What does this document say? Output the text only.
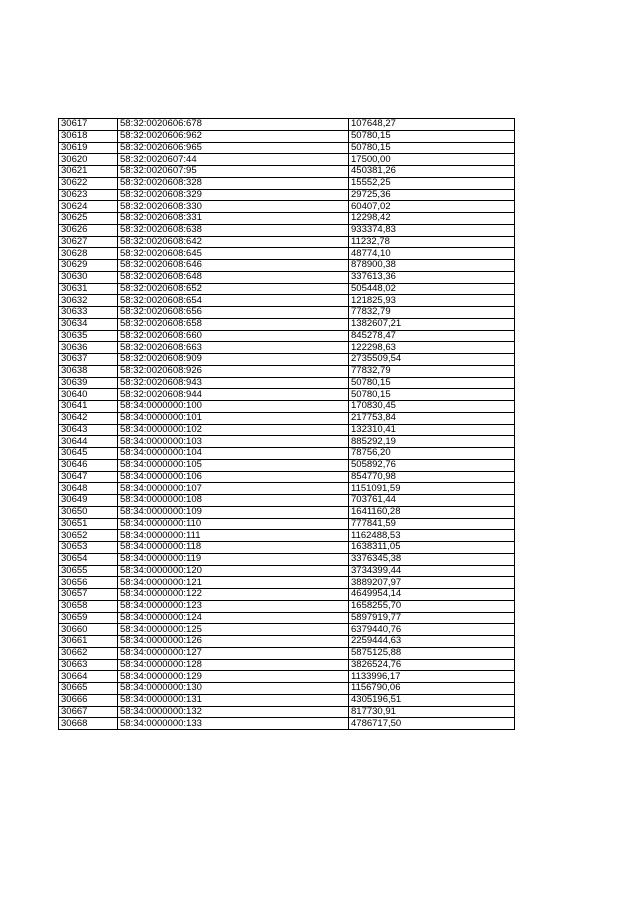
30617	58:32:0020606:678	107648,27
30618	58:32:0020606:962	50780,15
30619	58:32:0020606:965	50780,15
30620	58:32:0020607:44	17500,00
30621	58:32:0020607:95	450381,26
30622	58:32:0020608:328	15552,25
30623	58:32:0020608:329	29725,36
30624	58:32:0020608:330	60407,02
30625	58:32:0020608:331	12298,42
30626	58:32:0020608:638	933374,83
30627	58:32:0020608:642	11232,78
30628	58:32:0020608:645	48774,10
30629	58:32:0020608:646	878900,38
30630	58:32:0020608:648	337613,36
30631	58:32:0020608:652	505448,02
30632	58:32:0020608:654	121825,93
30633	58:32:0020608:656	77832,79
30634	58:32:0020608:658	1382607,21
30635	58:32:0020608:660	845278,47
30636	58:32:0020608:663	122298,63
30637	58:32:0020608:909	2735509,54
30638	58:32:0020608:926	77832,79
30639	58:32:0020608:943	50780,15
30640	58:32:0020608:944	50780,15
30641	58:34:0000000:100	170830,45
30642	58:34:0000000:101	217753,84
30643	58:34:0000000:102	132310,41
30644	58:34:0000000:103	885292,19
30645	58:34:0000000:104	78756,20
30646	58:34:0000000:105	505892,76
30647	58:34:0000000:106	854770,98
30648	58:34:0000000:107	1151091,59
30649	58:34:0000000:108	703761,44
30650	58:34:0000000:109	1641160,28
30651	58:34:0000000:110	777841,59
30652	58:34:0000000:111	1162488,53
30653	58:34:0000000:118	1638311,05
30654	58:34:0000000:119	3376345,38
30655	58:34:0000000:120	3734399,44
30656	58:34:0000000:121	3889207,97
30657	58:34:0000000:122	4649954,14
30658	58:34:0000000:123	1658255,70
30659	58:34:0000000:124	5897919,77
30660	58:34:0000000:125	6379440,76
30661	58:34:0000000:126	2259444,63
30662	58:34:0000000:127	5875125,88
30663	58:34:0000000:128	3826524,76
30664	58:34:0000000:129	1133996,17
30665	58:34:0000000:130	1156790,06
30666	58:34:0000000:131	4305196,51
30667	58:34:0000000:132	817730,91
30668	58:34:0000000:133	4786717,50
